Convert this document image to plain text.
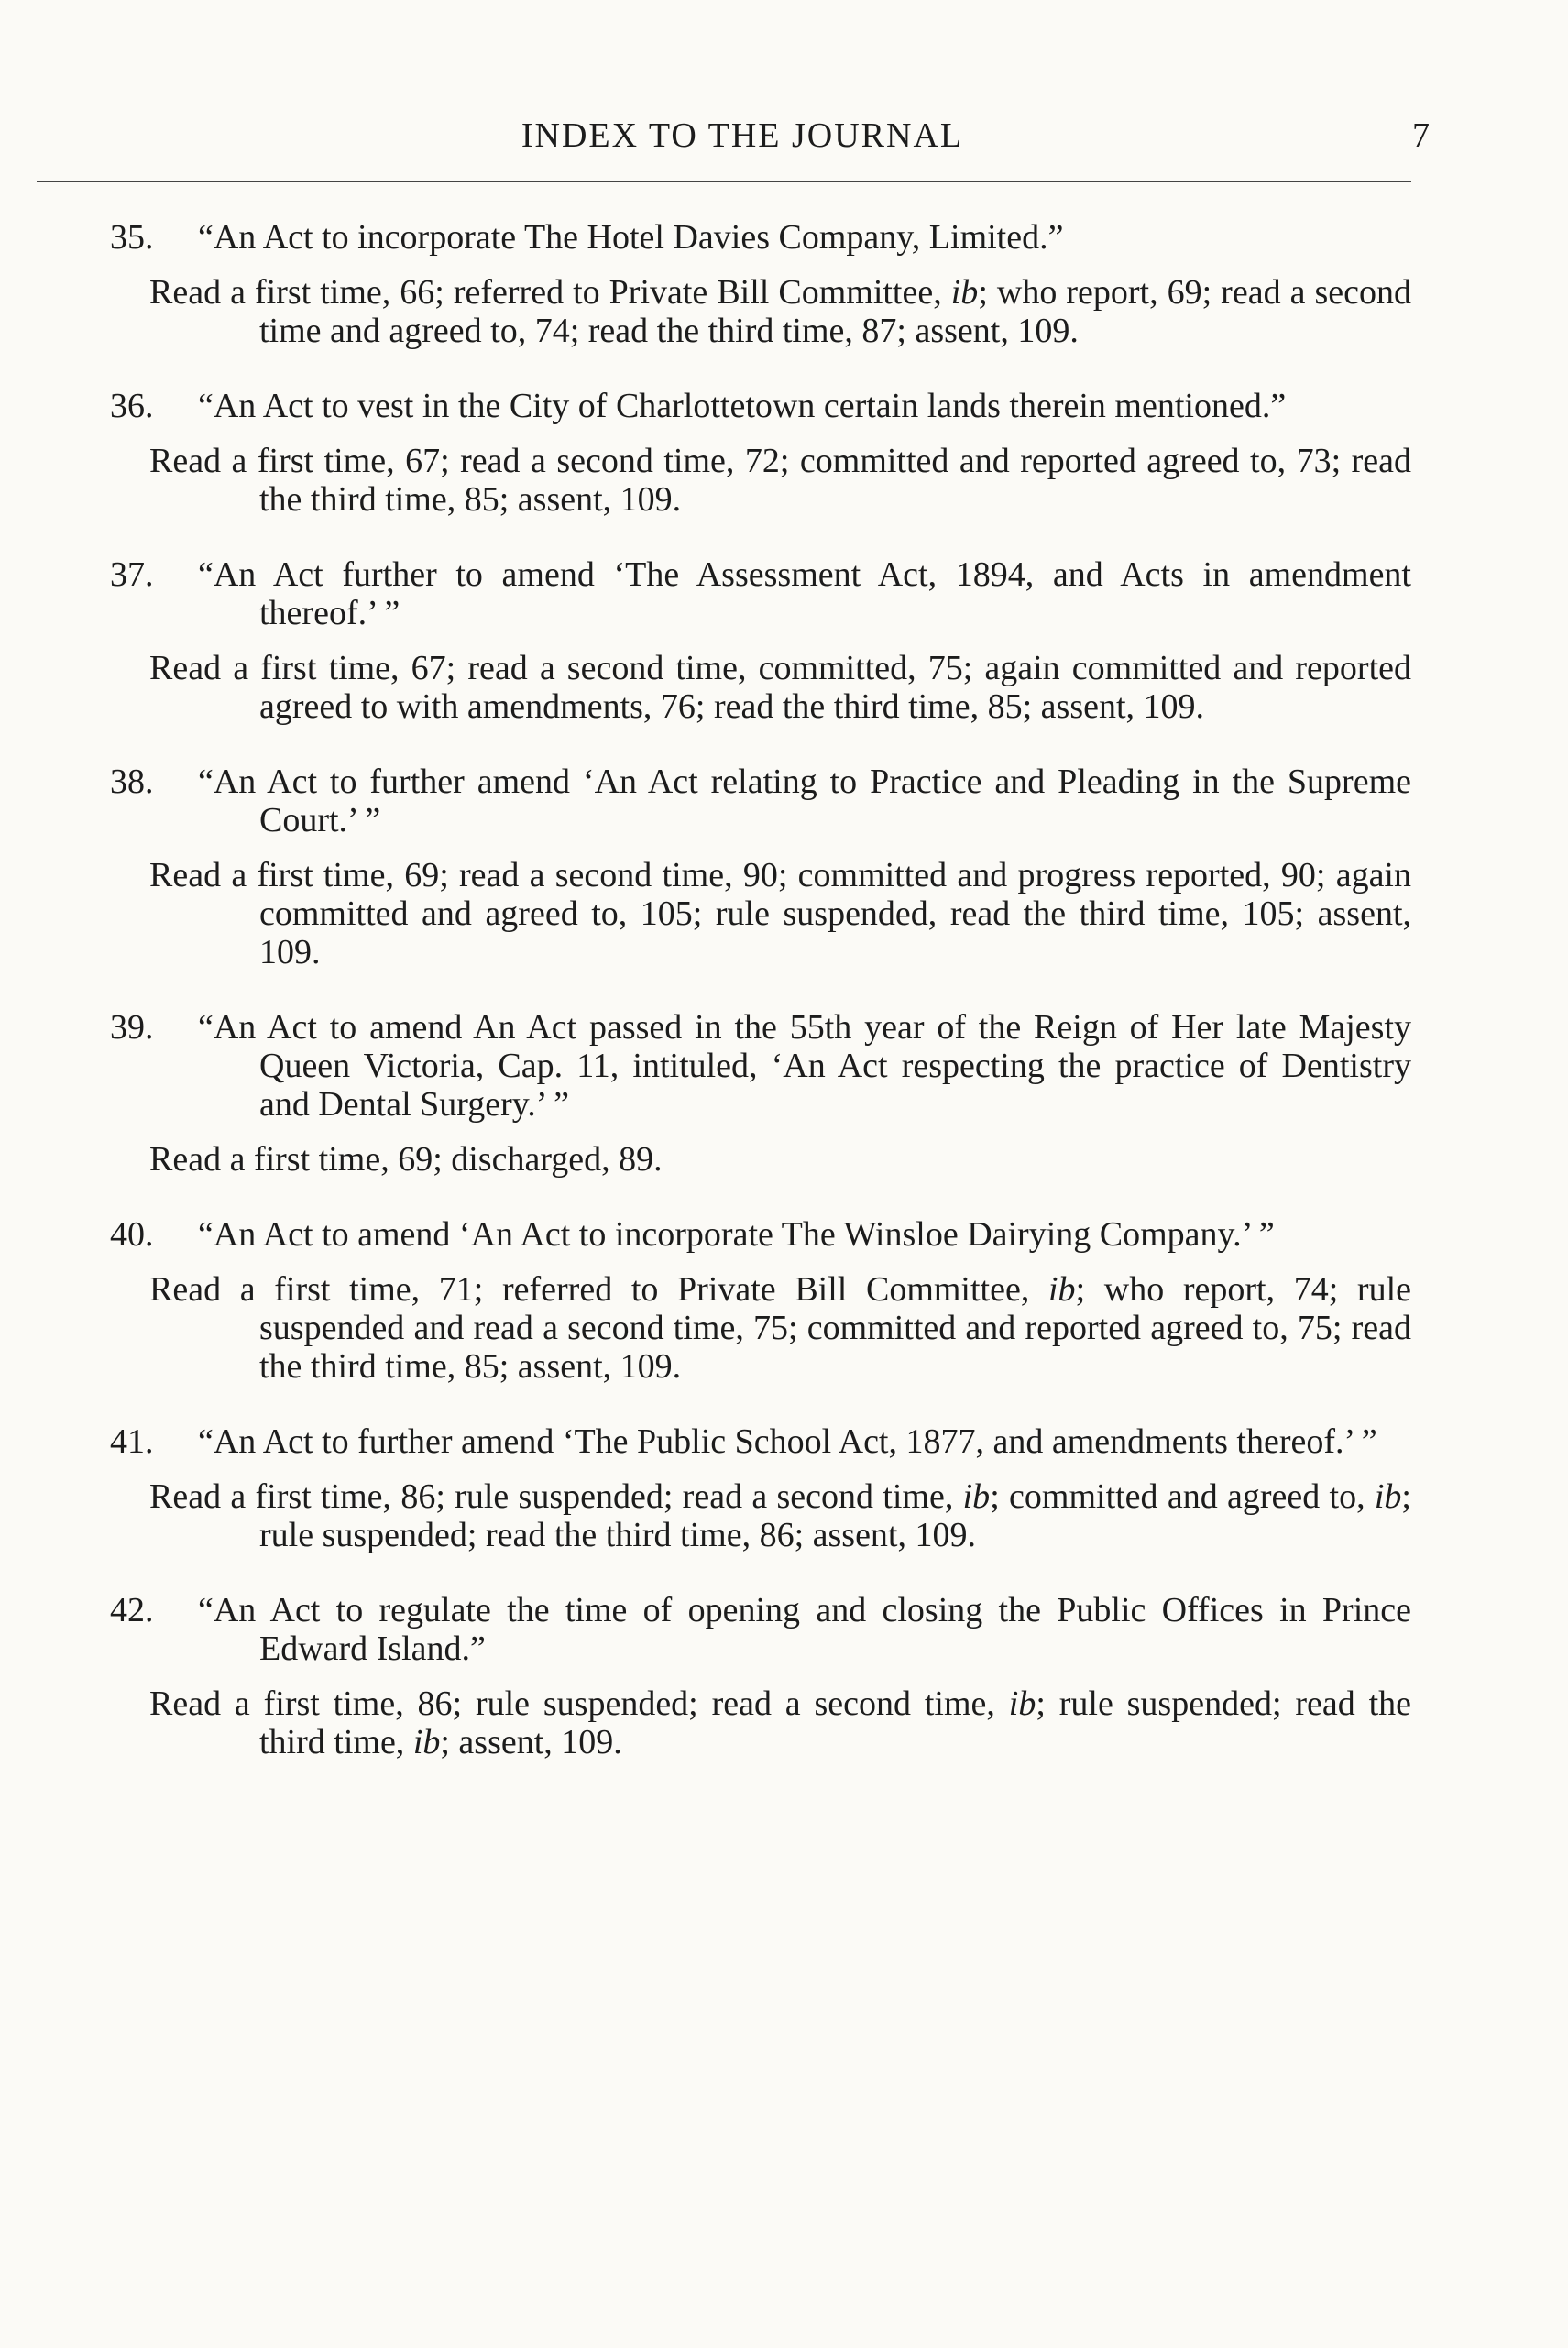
INDEX TO THE JOURNAL	7

35. “An Act to incorporate The Hotel Davies Company, Limited.”

Read a first time, 66; referred to Private Bill Committee, ib; who report, 69; read a second time and agreed to, 74; read the third time, 87; assent, 109.

36. “An Act to vest in the City of Charlottetown certain lands therein mentioned.”

Read a first time, 67; read a second time, 72; committed and reported agreed to, 73; read the third time, 85; assent, 109.

37. “An Act further to amend ‘The Assessment Act, 1894, and Acts in amendment thereof.’ ”

Read a first time, 67; read a second time, committed, 75; again committed and reported agreed to with amendments, 76; read the third time, 85; assent, 109.

38. “An Act to further amend ‘An Act relating to Practice and Pleading in the Supreme Court.’ ”

Read a first time, 69; read a second time, 90; committed and progress reported, 90; again committed and agreed to, 105; rule suspended, read the third time, 105; assent, 109.

39. “An Act to amend An Act passed in the 55th year of the Reign of Her late Majesty Queen Victoria, Cap. 11, intituled, ‘An Act respecting the practice of Dentistry and Dental Surgery.’ ”

Read a first time, 69; discharged, 89.

40. “An Act to amend ‘An Act to incorporate The Winsloe Dairying Company.’ ”

Read a first time, 71; referred to Private Bill Committee, ib; who report, 74; rule suspended and read a second time, 75; committed and reported agreed to, 75; read the third time, 85; assent, 109.

41. “An Act to further amend ‘The Public School Act, 1877, and amendments thereof.’ ”

Read a first time, 86; rule suspended; read a second time, ib; committed and agreed to, ib; rule suspended; read the third time, 86; assent, 109.

42. “An Act to regulate the time of opening and closing the Public Offices in Prince Edward Island.”

Read a first time, 86; rule suspended; read a second time, ib; rule suspended; read the third time, ib; assent, 109.
